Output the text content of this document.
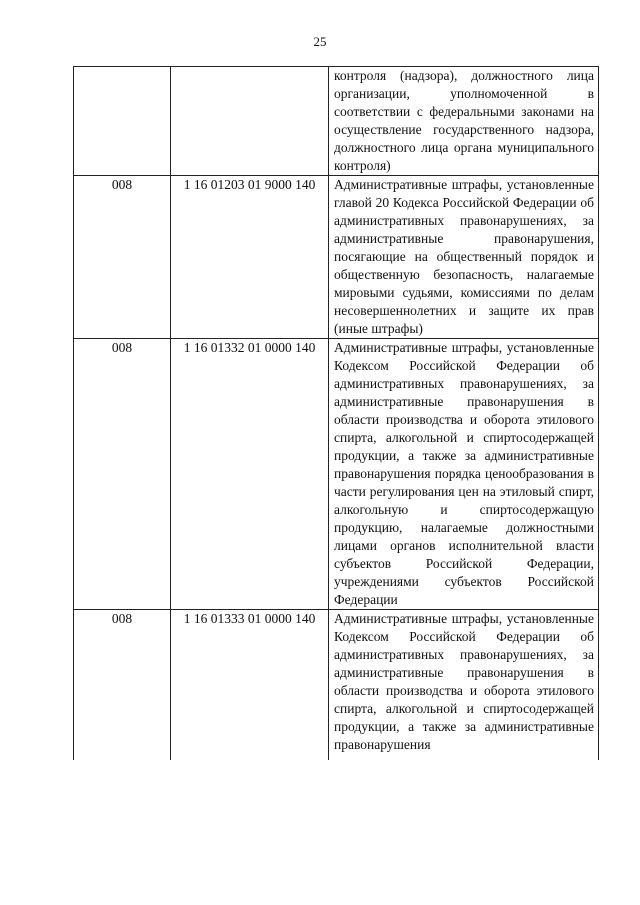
25

		контроля (надзора), должностного лица организации, уполномоченной в соответствии с федеральными законами на осуществление государственного надзора, должностного лица органа муниципального контроля)

008	1 16 01203 01 9000 140	Административные штрафы, установленные главой 20 Кодекса Российской Федерации об административных правонарушениях, за административные правонарушения, посягающие на общественный порядок и общественную безопасность, налагаемые мировыми судьями, комиссиями по делам несовершеннолетних и защите их прав (иные штрафы)

008	1 16 01332 01 0000 140	Административные штрафы, установленные Кодексом Российской Федерации об административных правонарушениях, за административные правонарушения в области производства и оборота этилового спирта, алкогольной и спиртосодержащей продукции, а также за административные правонарушения порядка ценообразования в части регулирования цен на этиловый спирт, алкогольную и спиртосодержащую продукцию, налагаемые должностными лицами органов исполнительной власти субъектов Российской Федерации, учреждениями субъектов Российской Федерации

008	1 16 01333 01 0000 140	Административные штрафы, установленные Кодексом Российской Федерации об административных правонарушениях, за административные правонарушения в области производства и оборота этилового спирта, алкогольной и спиртосодержащей продукции, а также за административные правонарушения
